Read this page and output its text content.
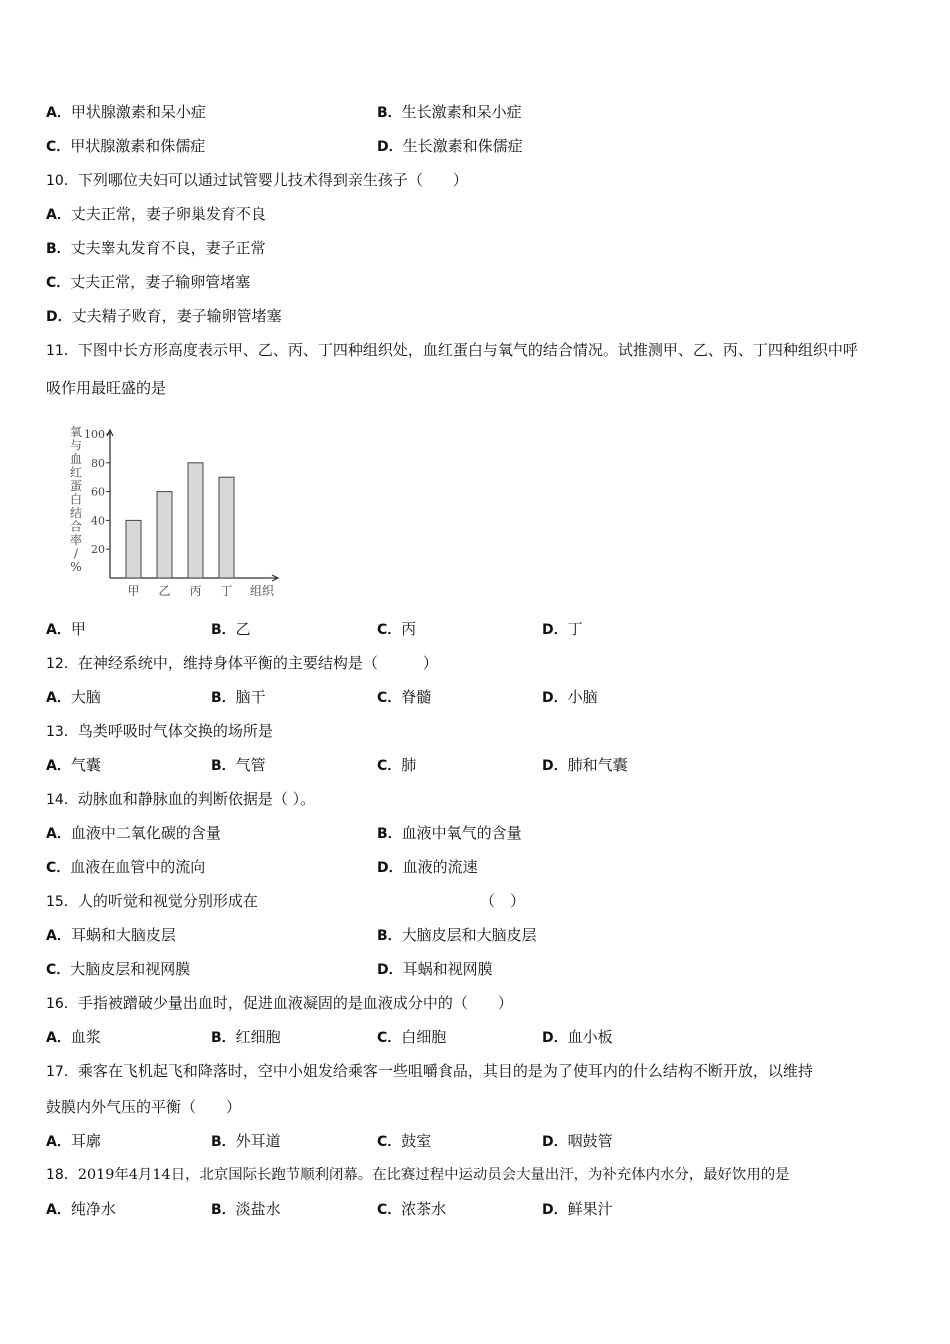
A．甲状腺激素和呆小症	B．生长激素和呆小症
C．甲状腺激素和侏儒症	D．生长激素和侏儒症
10．下列哪位夫妇可以通过试管婴儿技术得到亲生孩子（　　）
A．丈夫正常，妻子卵巢发育不良
B．丈夫睾丸发育不良，妻子正常
C．丈夫正常，妻子输卵管堵塞
D．丈夫精子败育，妻子输卵管堵塞
11．下图中长方形高度表示甲、乙、丙、丁四种组织处，血红蛋白与氧气的结合情况。试推测甲、乙、丙、丁四种组织中呼
吸作用最旺盛的是
20
40
60
80
100
氧
与
血
红
蛋
白
结
合
率
/
%
甲 乙 丙 丁 组织
A．甲	B．乙	C．丙	D．丁
12．在神经系统中，维持身体平衡的主要结构是（　　　）
A．大脑	B．脑干	C．脊髓	D．小脑
13．鸟类呼吸时气体交换的场所是
A．气囊	B．气管	C．肺	D．肺和气囊
14．动脉血和静脉血的判断依据是（ ）。
A．血液中二氧化碳的含量	B．血液中氧气的含量
C．血液在血管中的流向	D．血液的流速
15．人的听觉和视觉分别形成在	（　）
A．耳蜗和大脑皮层	B．大脑皮层和大脑皮层
C．大脑皮层和视网膜	D．耳蜗和视网膜
16．手指被蹭破少量出血时，促进血液凝固的是血液成分中的（　　）
A．血浆	B．红细胞	C．白细胞	D．血小板
17．乘客在飞机起飞和降落时，空中小姐发给乘客一些咀嚼食品，其目的是为了使耳内的什么结构不断开放，以维持
鼓膜内外气压的平衡（　　）
A．耳廓	B．外耳道	C．鼓室	D．咽鼓管
18．2019年4月14日，北京国际长跑节顺利闭幕。在比赛过程中运动员会大量出汗，为补充体内水分，最好饮用的是
A．纯净水	B．淡盐水	C．浓茶水	D．鲜果汁
